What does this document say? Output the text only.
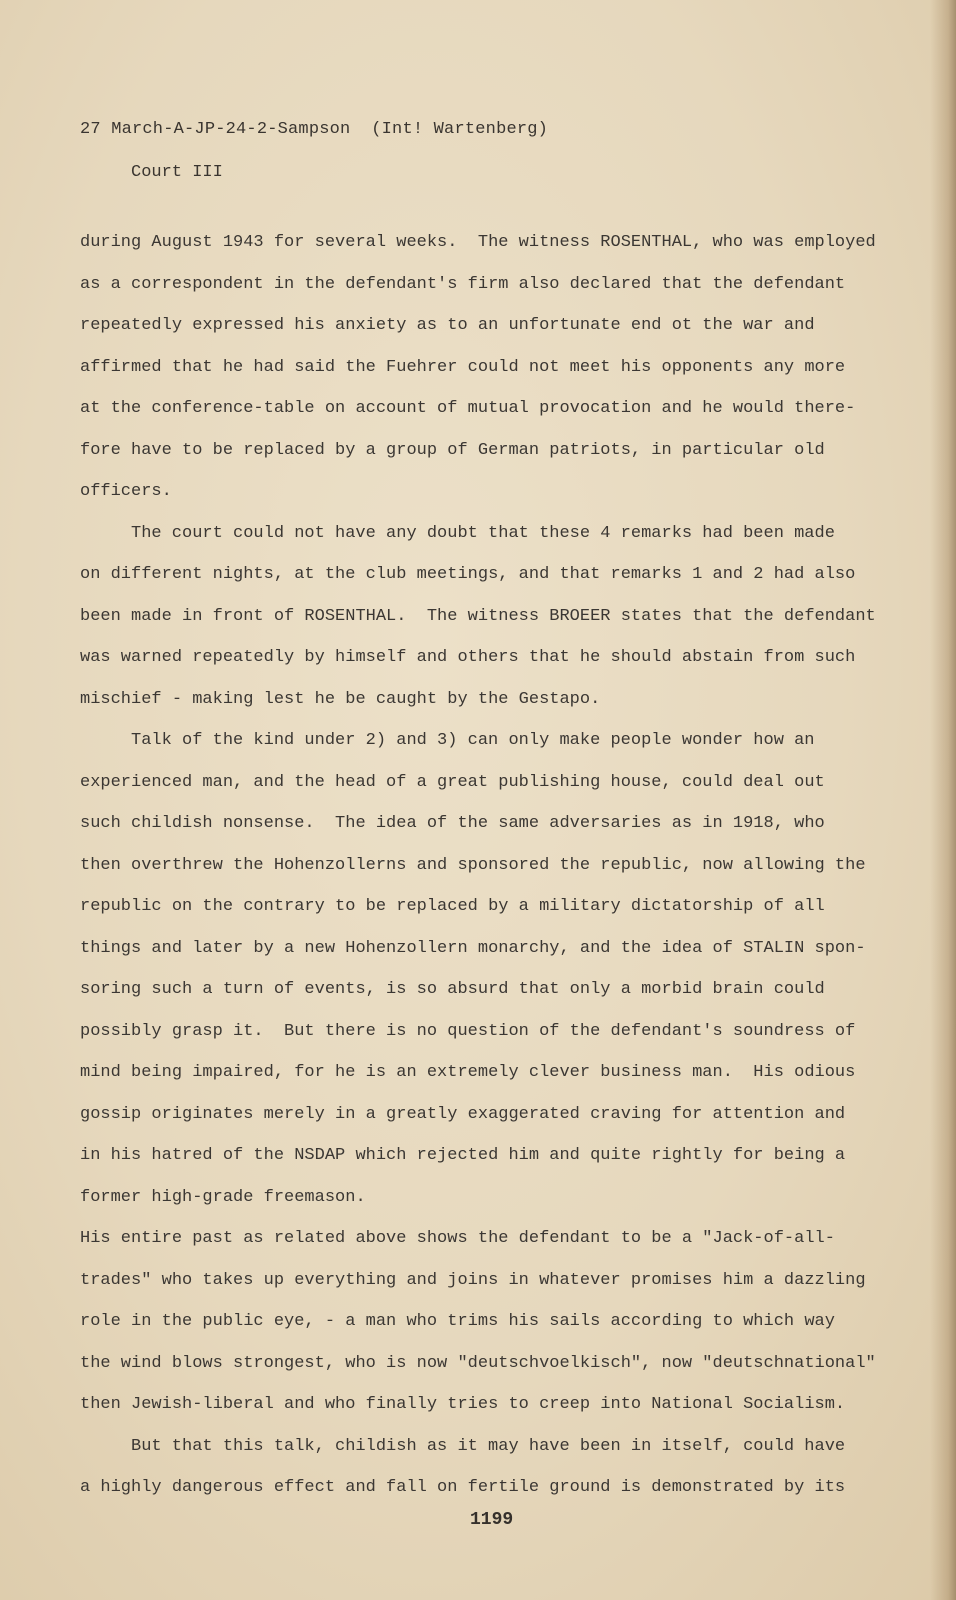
27 March-A-JP-24-2-Sampson  (Int! Wartenberg)
Court III
during August 1943 for several weeks.  The witness ROSENTHAL, who was employed
as a correspondent in the defendant's firm also declared that the defendant
repeatedly expressed his anxiety as to an unfortunate end ot the war and
affirmed that he had said the Fuehrer could not meet his opponents any more
at the conference-table on account of mutual provocation and he would there-
fore have to be replaced by a group of German patriots, in particular old
officers.
The court could not have any doubt that these 4 remarks had been made
on different nights, at the club meetings, and that remarks 1 and 2 had also
been made in front of ROSENTHAL.  The witness BROEER states that the defendant
was warned repeatedly by himself and others that he should abstain from such
mischief - making lest he be caught by the Gestapo.
Talk of the kind under 2) and 3) can only make people wonder how an
experienced man, and the head of a great publishing house, could deal out
such childish nonsense.  The idea of the same adversaries as in 1918, who
then overthrew the Hohenzollerns and sponsored the republic, now allowing the
republic on the contrary to be replaced by a military dictatorship of all
things and later by a new Hohenzollern monarchy, and the idea of STALIN spon-
soring such a turn of events, is so absurd that only a morbid brain could
possibly grasp it.  But there is no question of the defendant's soundress of
mind being impaired, for he is an extremely clever business man.  His odious
gossip originates merely in a greatly exaggerated craving for attention and
in his hatred of the NSDAP which rejected him and quite rightly for being a
former high-grade freemason.
His entire past as related above shows the defendant to be a "Jack-of-all-
trades" who takes up everything and joins in whatever promises him a dazzling
role in the public eye, - a man who trims his sails according to which way
the wind blows strongest, who is now "deutschvoelkisch", now "deutschnational"
then Jewish-liberal and who finally tries to creep into National Socialism.
But that this talk, childish as it may have been in itself, could have
a highly dangerous effect and fall on fertile ground is demonstrated by its
1199
